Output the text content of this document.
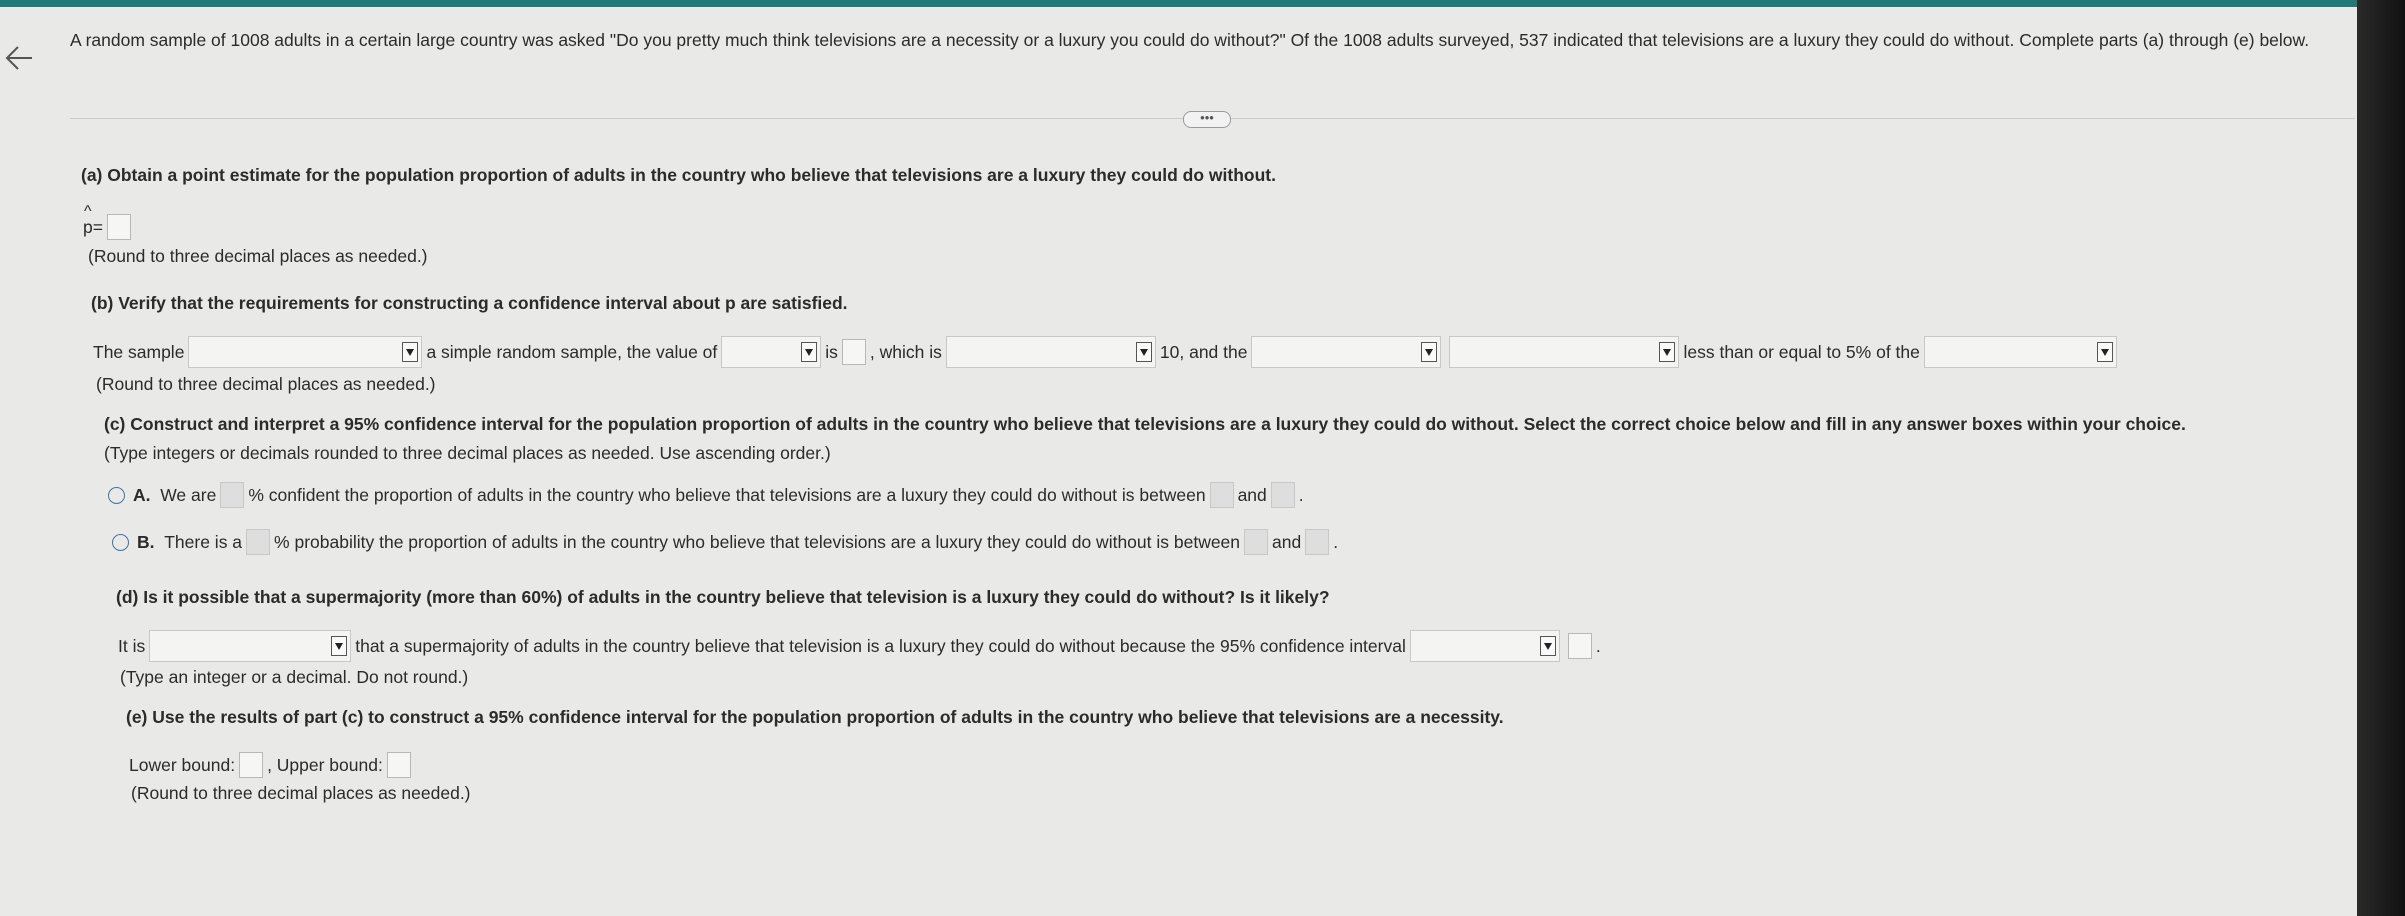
A random sample of 1008 adults in a certain large country was asked "Do you pretty much think televisions are a necessity or a luxury you could do without?" Of the 1008 adults surveyed, 537 indicated that televisions are a luxury they could do without. Complete parts (a) through (e) below.
•••
(a) Obtain a point estimate for the population proportion of adults in the country who believe that televisions are a luxury they could do without.
^
p =
(Round to three decimal places as needed.)
(b) Verify that the requirements for constructing a confidence interval about p are satisfied.
The sample	a simple random sample, the value of	is , which is	10, and the	less than or equal to 5% of the
(Round to three decimal places as needed.)
(c) Construct and interpret a 95% confidence interval for the population proportion of adults in the country who believe that televisions are a luxury they could do without. Select the correct choice below and fill in any answer boxes within your choice.
(Type integers or decimals rounded to three decimal places as needed. Use ascending order.)
A.
We are % confident the proportion of adults in the country who believe that televisions are a luxury they could do without is between and .
B.
There is a % probability the proportion of adults in the country who believe that televisions are a luxury they could do without is between and .
(d) Is it possible that a supermajority (more than 60%) of adults in the country believe that television is a luxury they could do without? Is it likely?
It is	that a supermajority of adults in the country believe that television is a luxury they could do without because the 95% confidence interval	.
(Type an integer or a decimal. Do not round.)
(e) Use the results of part (c) to construct a 95% confidence interval for the population proportion of adults in the country who believe that televisions are a necessity.
Lower bound: , Upper bound:
(Round to three decimal places as needed.)
